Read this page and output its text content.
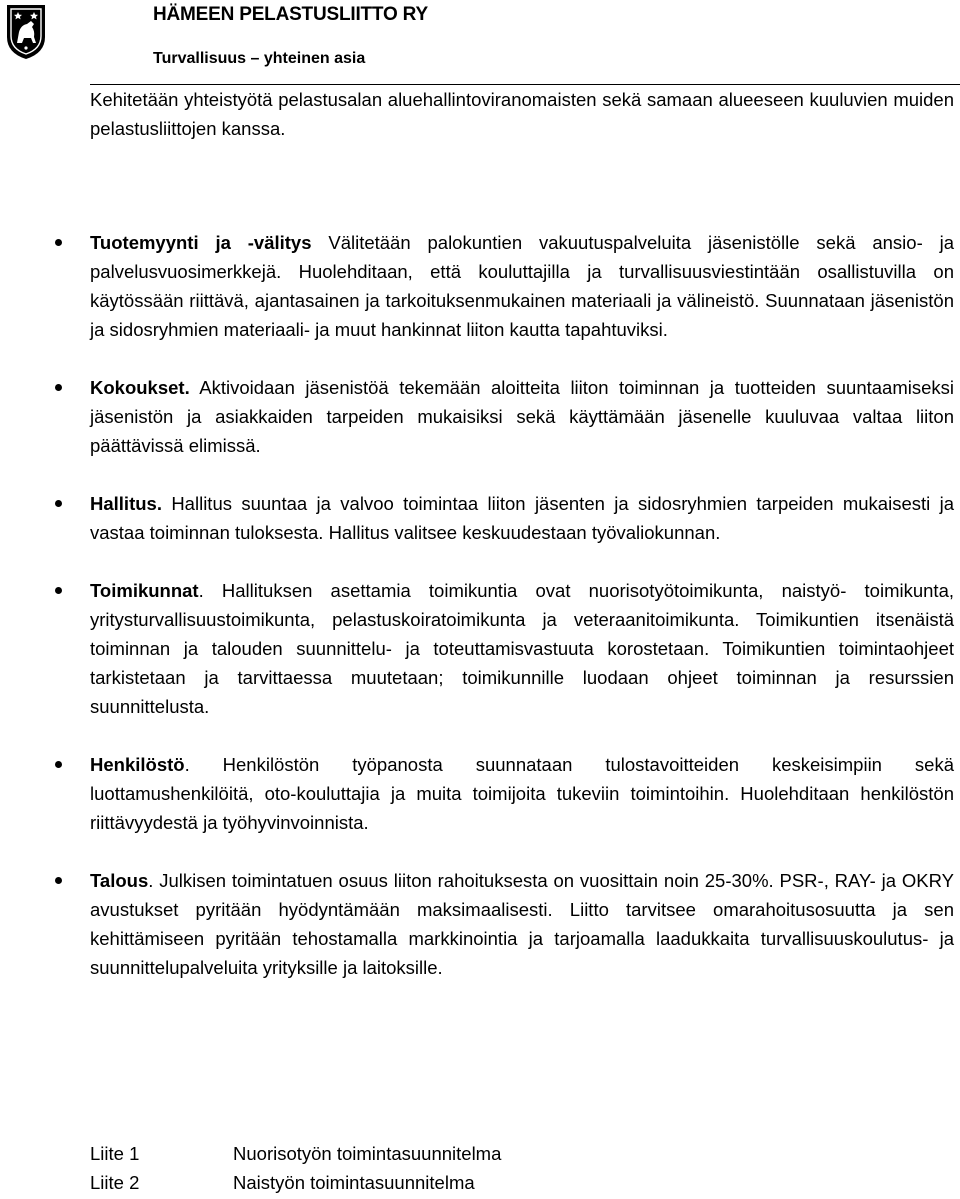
HÄMEEN PELASTUSLIITTO RY
Turvallisuus – yhteinen asia

Kehitetään yhteistyötä pelastusalan aluehallintoviranomaisten sekä samaan alueeseen kuuluvien muiden pelastusliittojen kanssa.

Tuotemyynti ja -välitys Välitetään palokuntien vakuutuspalveluita jäsenistölle sekä ansio- ja palvelusvuosimerkkejä. Huolehditaan, että kouluttajilla ja turvallisuusviestintään osallistuvilla on käytössään riittävä, ajantasainen ja tarkoituksenmukainen materiaali ja välineistö. Suunnataan jäsenistön ja sidosryhmien materiaali- ja muut hankinnat liiton kautta tapahtuviksi.
Kokoukset. Aktivoidaan jäsenistöä tekemään aloitteita liiton toiminnan ja tuotteiden suuntaamiseksi jäsenistön ja asiakkaiden tarpeiden mukaisiksi sekä käyttämään jäsenelle kuuluvaa valtaa liiton päättävissä elimissä.
Hallitus. Hallitus suuntaa ja valvoo toimintaa liiton jäsenten ja sidosryhmien tarpeiden mukaisesti ja vastaa toiminnan tuloksesta. Hallitus valitsee keskuudestaan työvaliokunnan.
Toimikunnat. Hallituksen asettamia toimikuntia ovat nuorisotyötoimikunta, naistyö- toimikunta, yritysturvallisuustoimikunta, pelastuskoiratoimikunta ja veteraanitoimikunta. Toimikuntien itsenäistä toiminnan ja talouden suunnittelu- ja toteuttamisvastuuta korostetaan. Toimikuntien toimintaohjeet tarkistetaan ja tarvittaessa muutetaan; toimikunnille luodaan ohjeet toiminnan ja resurssien suunnittelusta.
Henkilöstö. Henkilöstön työpanosta suunnataan tulostavoitteiden keskeisimpiin sekä luottamushenkilöitä, oto-kouluttajia ja muita toimijoita tukeviin toimintoihin. Huolehditaan henkilöstön riittävyydestä ja työhyvinvoinnista.
Talous. Julkisen toimintatuen osuus liiton rahoituksesta on vuosittain noin 25-30%. PSR-, RAY- ja OKRY avustukset pyritään hyödyntämään maksimaalisesti. Liitto tarvitsee omarahoitusosuutta ja sen kehittämiseen pyritään tehostamalla markkinointia ja tarjoamalla laadukkaita turvallisuuskoulutus- ja suunnittelupalveluita yrityksille ja laitoksille.
Liite 1	Nuorisotyön toimintasuunnitelma
Liite 2	Naistyön toimintasuunnitelma
